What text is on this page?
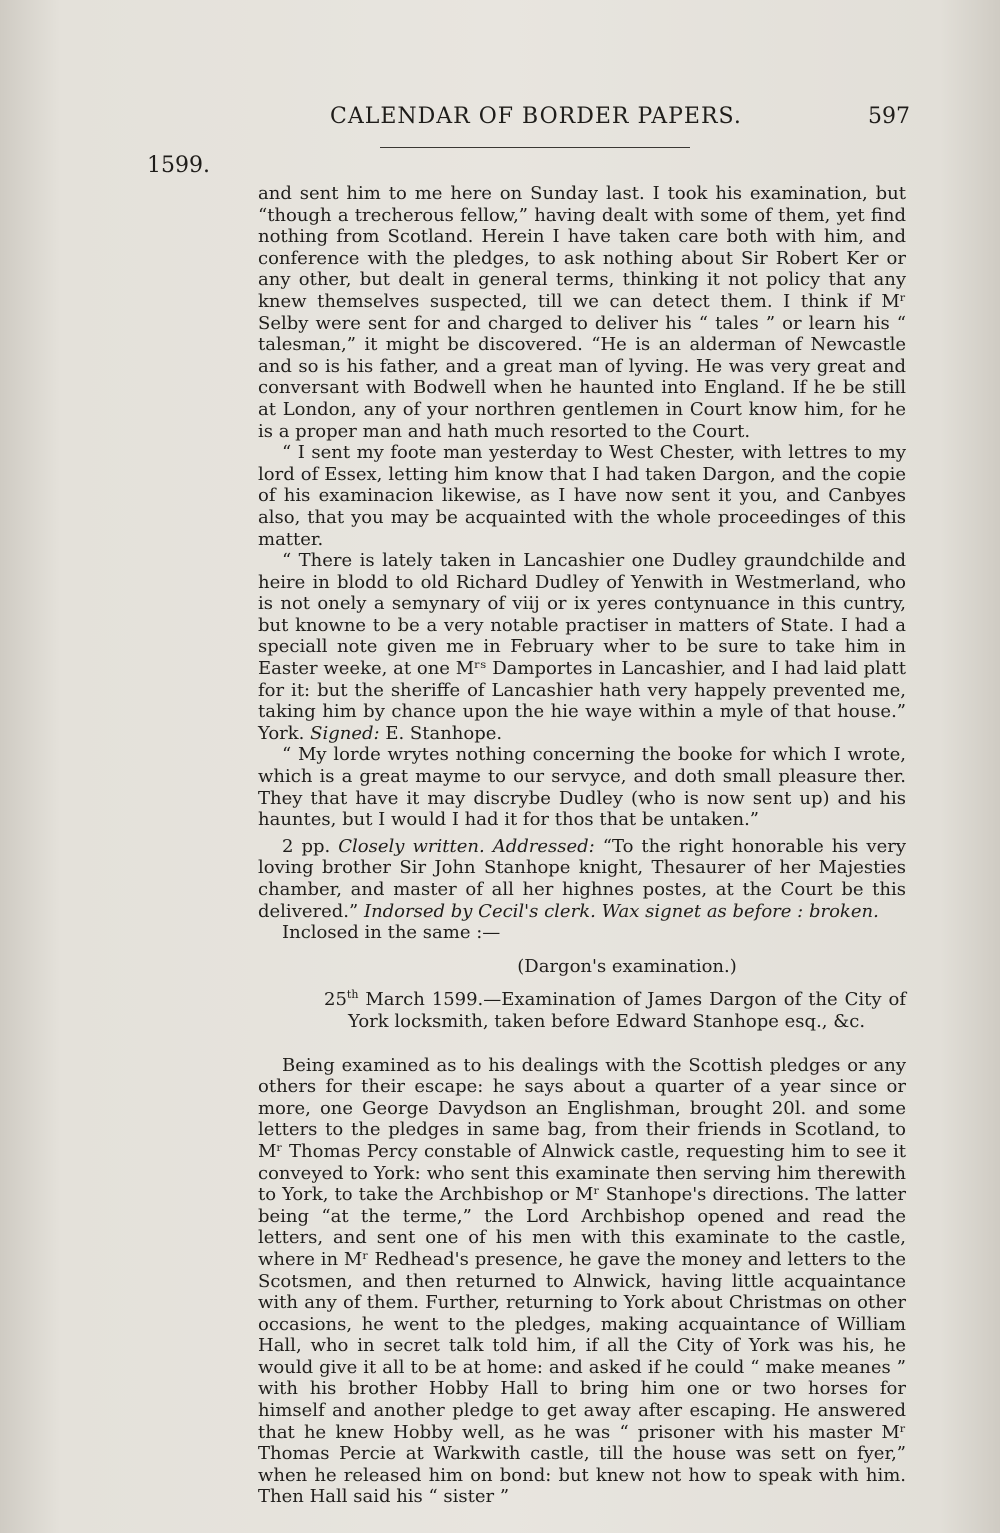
CALENDAR OF BORDER PAPERS.	597
1599.

and sent him to me here on Sunday last. I took his examination, but “though a trecherous fellow,” having dealt with some of them, yet find nothing from Scotland. Herein I have taken care both with him, and conference with the pledges, to ask nothing about Sir Robert Ker or any other, but dealt in general terms, thinking it not policy that any knew themselves suspected, till we can detect them. I think if Mʳ Selby were sent for and charged to deliver his “ tales ” or learn his “ talesman,” it might be discovered. “He is an alderman of Newcastle and so is his father, and a great man of lyving. He was very great and conversant with Bodwell when he haunted into England. If he be still at London, any of your northren gentlemen in Court know him, for he is a proper man and hath much resorted to the Court.

“ I sent my foote man yesterday to West Chester, with lettres to my lord of Essex, letting him know that I had taken Dargon, and the copie of his examinacion likewise, as I have now sent it you, and Canbyes also, that you may be acquainted with the whole proceedinges of this matter.

“ There is lately taken in Lancashier one Dudley graundchilde and heire in blodd to old Richard Dudley of Yenwith in Westmerland, who is not onely a semynary of viij or ix yeres contynuance in this cuntry, but knowne to be a very notable practiser in matters of State. I had a speciall note given me in February wher to be sure to take him in Easter weeke, at one Mʳˢ Damportes in Lancashier, and I had laid platt for it: but the sheriffe of Lancashier hath very happely prevented me, taking him by chance upon the hie waye within a myle of that house.” York. Signed: E. Stanhope.

“ My lorde wrytes nothing concerning the booke for which I wrote, which is a great mayme to our servyce, and doth small pleasure ther. They that have it may discrybe Dudley (who is now sent up) and his hauntes, but I would I had it for thos that be untaken.”

2 pp. Closely written. Addressed: “To the right honorable his very loving brother Sir John Stanhope knight, Thesaurer of her Majesties chamber, and master of all her highnes postes, at the Court be this delivered.” Indorsed by Cecil's clerk. Wax signet as before : broken.

Inclosed in the same :—

(Dargon's examination.)

25th March 1599.—Examination of James Dargon of the City of York locksmith, taken before Edward Stanhope esq., &c.

Being examined as to his dealings with the Scottish pledges or any others for their escape: he says about a quarter of a year since or more, one George Davydson an Englishman, brought 20l. and some letters to the pledges in same bag, from their friends in Scotland, to Mʳ Thomas Percy constable of Alnwick castle, requesting him to see it conveyed to York: who sent this examinate then serving him therewith to York, to take the Archbishop or Mʳ Stanhope's directions. The latter being “at the terme,” the Lord Archbishop opened and read the letters, and sent one of his men with this examinate to the castle, where in Mʳ Redhead's presence, he gave the money and letters to the Scotsmen, and then returned to Alnwick, having little acquaintance with any of them. Further, returning to York about Christmas on other occasions, he went to the pledges, making acquaintance of William Hall, who in secret talk told him, if all the City of York was his, he would give it all to be at home: and asked if he could “ make meanes ” with his brother Hobby Hall to bring him one or two horses for himself and another pledge to get away after escaping. He answered that he knew Hobby well, as he was “ prisoner with his master Mʳ Thomas Percie at Warkwith castle, till the house was sett on fyer,” when he released him on bond: but knew not how to speak with him. Then Hall said his “ sister ”
